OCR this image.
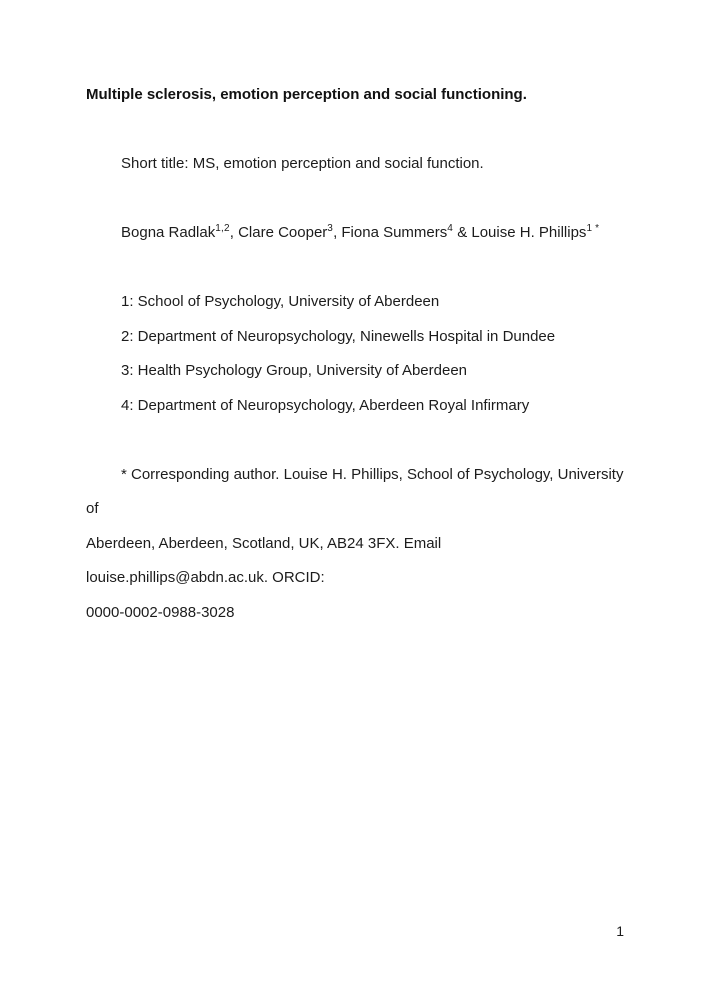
Multiple sclerosis, emotion perception and social functioning.

Short title: MS, emotion perception and social function.

Bogna Radlak$^{1,2}$, Clare Cooper$^3$, Fiona Summers$^4$ & Louise H. Phillips$^{1 *}$

1: School of Psychology, University of Aberdeen

2: Department of Neuropsychology, Ninewells Hospital in Dundee

3: Health Psychology Group, University of Aberdeen

4: Department of Neuropsychology, Aberdeen Royal Infirmary

* Corresponding author. Louise H. Phillips, School of Psychology, University of

Aberdeen, Aberdeen, Scotland, UK, AB24 3FX. Email louise.phillips@abdn.ac.uk. ORCID:

0000-0002-0988-3028

1
